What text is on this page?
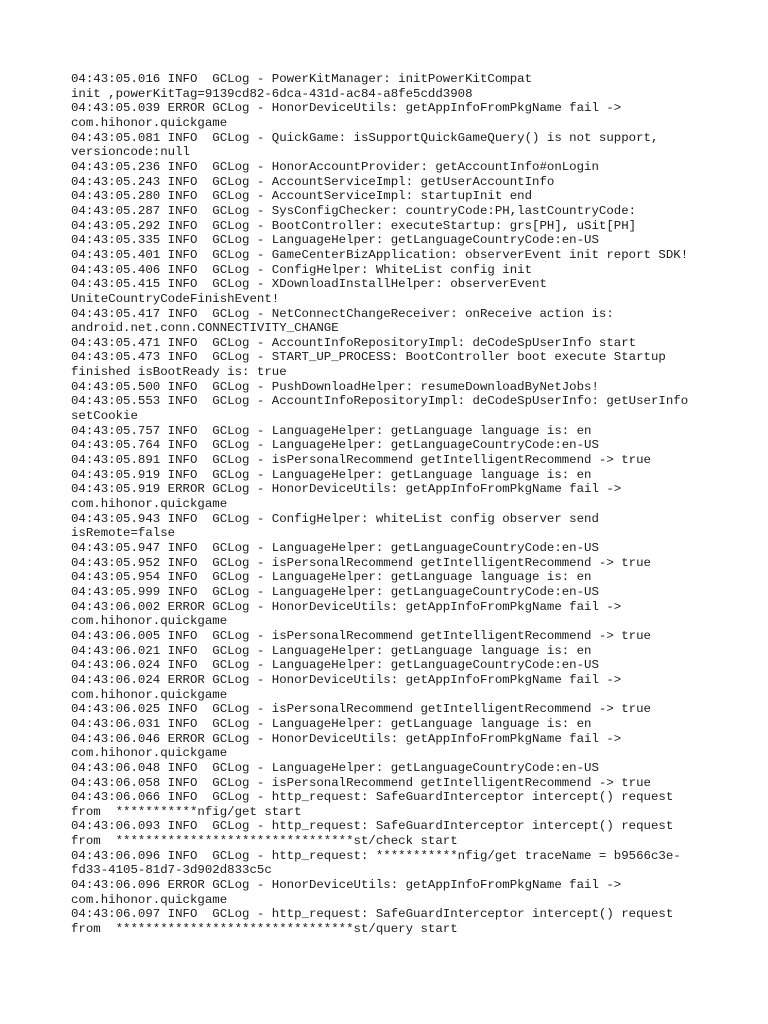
04:43:05.016 INFO  GCLog - PowerKitManager: initPowerKitCompat
init ,powerKitTag=9139cd82-6dca-431d-ac84-a8fe5cdd3908
04:43:05.039 ERROR GCLog - HonorDeviceUtils: getAppInfoFromPkgName fail ->
com.hihonor.quickgame
04:43:05.081 INFO  GCLog - QuickGame: isSupportQuickGameQuery() is not support,
versioncode:null
04:43:05.236 INFO  GCLog - HonorAccountProvider: getAccountInfo#onLogin
04:43:05.243 INFO  GCLog - AccountServiceImpl: getUserAccountInfo
04:43:05.280 INFO  GCLog - AccountServiceImpl: startupInit end
04:43:05.287 INFO  GCLog - SysConfigChecker: countryCode:PH,lastCountryCode:
04:43:05.292 INFO  GCLog - BootController: executeStartup: grs[PH], uSit[PH]
04:43:05.335 INFO  GCLog - LanguageHelper: getLanguageCountryCode:en-US
04:43:05.401 INFO  GCLog - GameCenterBizApplication: observerEvent init report SDK!
04:43:05.406 INFO  GCLog - ConfigHelper: WhiteList config init
04:43:05.415 INFO  GCLog - XDownloadInstallHelper: observerEvent
UniteCountryCodeFinishEvent!
04:43:05.417 INFO  GCLog - NetConnectChangeReceiver: onReceive action is:
android.net.conn.CONNECTIVITY_CHANGE
04:43:05.471 INFO  GCLog - AccountInfoRepositoryImpl: deCodeSpUserInfo start
04:43:05.473 INFO  GCLog - START_UP_PROCESS: BootController boot execute Startup
finished isBootReady is: true
04:43:05.500 INFO  GCLog - PushDownloadHelper: resumeDownloadByNetJobs!
04:43:05.553 INFO  GCLog - AccountInfoRepositoryImpl: deCodeSpUserInfo: getUserInfo
setCookie
04:43:05.757 INFO  GCLog - LanguageHelper: getLanguage language is: en
04:43:05.764 INFO  GCLog - LanguageHelper: getLanguageCountryCode:en-US
04:43:05.891 INFO  GCLog - isPersonalRecommend getIntelligentRecommend -> true
04:43:05.919 INFO  GCLog - LanguageHelper: getLanguage language is: en
04:43:05.919 ERROR GCLog - HonorDeviceUtils: getAppInfoFromPkgName fail ->
com.hihonor.quickgame
04:43:05.943 INFO  GCLog - ConfigHelper: whiteList config observer send
isRemote=false
04:43:05.947 INFO  GCLog - LanguageHelper: getLanguageCountryCode:en-US
04:43:05.952 INFO  GCLog - isPersonalRecommend getIntelligentRecommend -> true
04:43:05.954 INFO  GCLog - LanguageHelper: getLanguage language is: en
04:43:05.999 INFO  GCLog - LanguageHelper: getLanguageCountryCode:en-US
04:43:06.002 ERROR GCLog - HonorDeviceUtils: getAppInfoFromPkgName fail ->
com.hihonor.quickgame
04:43:06.005 INFO  GCLog - isPersonalRecommend getIntelligentRecommend -> true
04:43:06.021 INFO  GCLog - LanguageHelper: getLanguage language is: en
04:43:06.024 INFO  GCLog - LanguageHelper: getLanguageCountryCode:en-US
04:43:06.024 ERROR GCLog - HonorDeviceUtils: getAppInfoFromPkgName fail ->
com.hihonor.quickgame
04:43:06.025 INFO  GCLog - isPersonalRecommend getIntelligentRecommend -> true
04:43:06.031 INFO  GCLog - LanguageHelper: getLanguage language is: en
04:43:06.046 ERROR GCLog - HonorDeviceUtils: getAppInfoFromPkgName fail ->
com.hihonor.quickgame
04:43:06.048 INFO  GCLog - LanguageHelper: getLanguageCountryCode:en-US
04:43:06.058 INFO  GCLog - isPersonalRecommend getIntelligentRecommend -> true
04:43:06.066 INFO  GCLog - http_request: SafeGuardInterceptor intercept() request
from  ***********nfig/get start
04:43:06.093 INFO  GCLog - http_request: SafeGuardInterceptor intercept() request
from  ********************************st/check start
04:43:06.096 INFO  GCLog - http_request: ***********nfig/get traceName = b9566c3e-
fd33-4105-81d7-3d902d833c5c
04:43:06.096 ERROR GCLog - HonorDeviceUtils: getAppInfoFromPkgName fail ->
com.hihonor.quickgame
04:43:06.097 INFO  GCLog - http_request: SafeGuardInterceptor intercept() request
from  ********************************st/query start
